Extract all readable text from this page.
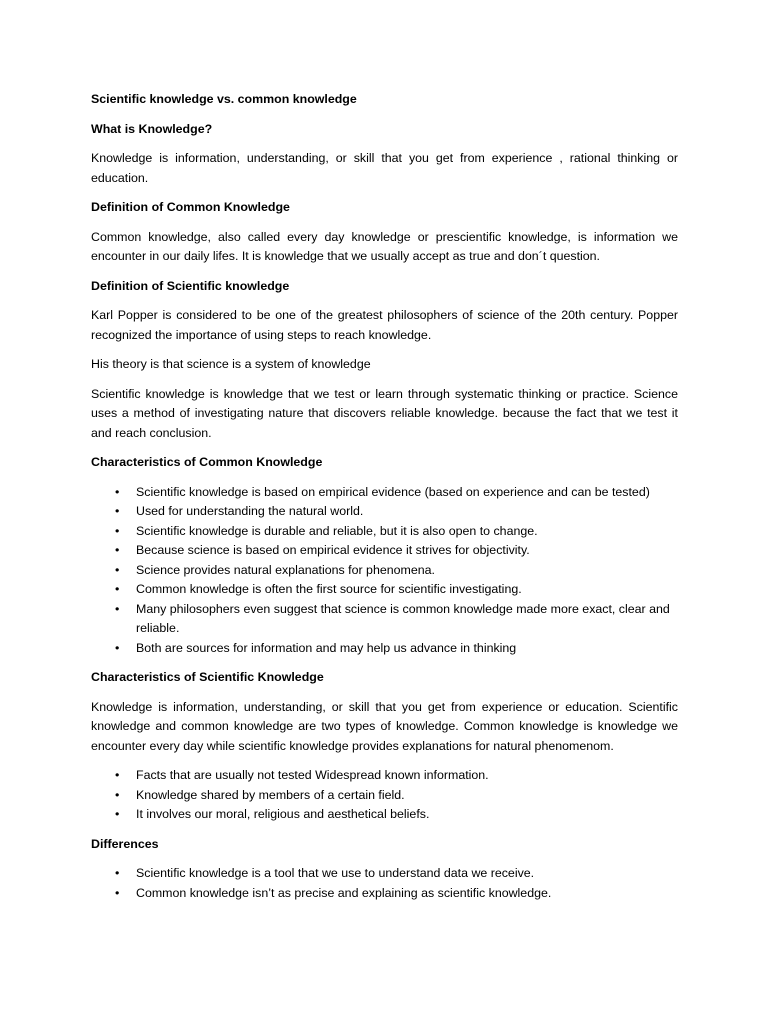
Scientific knowledge vs. common knowledge

What is Knowledge?

Knowledge is information, understanding, or skill that you get from experience , rational thinking or education.

Definition of Common Knowledge

Common knowledge, also called every day knowledge or prescientific knowledge, is information we encounter in our daily lifes. It is knowledge that we usually accept as true and don´t question.

Definition of Scientific knowledge

Karl Popper is considered to be one of the greatest philosophers of science of the 20th century. Popper recognized the importance of using steps to reach knowledge.

His theory is that science is a system of knowledge

Scientific knowledge is knowledge that we test or learn through systematic thinking or practice. Science uses a method of investigating nature that discovers reliable knowledge. because the fact that we test it and reach conclusion.

Characteristics of Common Knowledge

• Scientific knowledge is based on empirical evidence (based on experience and can be tested)
• Used for understanding the natural world.
• Scientific knowledge is durable and reliable, but it is also open to change.
• Because science is based on empirical evidence it strives for objectivity.
• Science provides natural explanations for phenomena.
• Common knowledge is often the first source for scientific investigating.
• Many philosophers even suggest that science is common knowledge made more exact, clear and reliable.
• Both are sources for information and may help us advance in thinking

Characteristics of Scientific Knowledge

Knowledge is information, understanding, or skill that you get from experience or education. Scientific knowledge and common knowledge are two types of knowledge. Common knowledge is knowledge we encounter every day while scientific knowledge provides explanations for natural phenomenom.

• Facts that are usually not tested Widespread known information.
• Knowledge shared by members of a certain field.
• It involves our moral, religious and aesthetical beliefs.

Differences

• Scientific knowledge is a tool that we use to understand data we receive.
• Common knowledge isn’t as precise and explaining as scientific knowledge.
